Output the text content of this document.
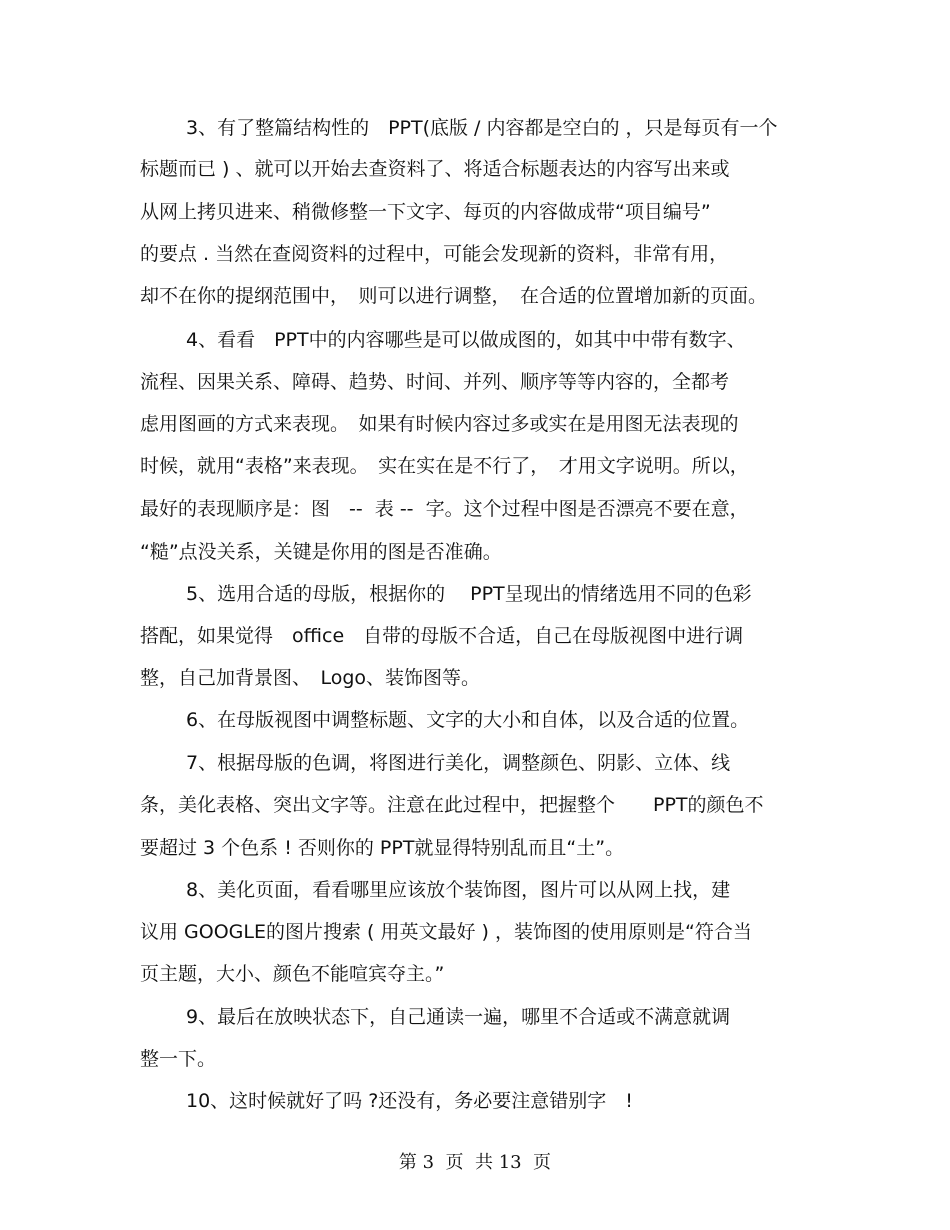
3、有了整篇结构性的　PPT(底版 / 内容都是空白的 ，只是每页有一个
标题而已 ) 、就可以开始去查资料了、将适合标题表达的内容写出来或
从网上拷贝进来、稍微修整一下文字、每页的内容做成带“项目编号”
的要点 . 当然在查阅资料的过程中，可能会发现新的资料，非常有用，
却不在你的提纲范围中，　则可以进行调整，　在合适的位置增加新的页面。
4、看看　PPT中的内容哪些是可以做成图的，如其中中带有数字、
流程、因果关系、障碍、趋势、时间、并列、顺序等等内容的，全都考
虑用图画的方式来表现。　如果有时候内容过多或实在是用图无法表现的
时候，就用“表格”来表现。　实在实在是不行了，　才用文字说明。所以，
最好的表现顺序是：图　--  表 --  字。这个过程中图是否漂亮不要在意，
“糙”点没关系，关键是你用的图是否准确。
5、选用合适的母版，根据你的　 PPT呈现出的情绪选用不同的色彩
搭配，如果觉得　office　自带的母版不合适，自己在母版视图中进行调
整，自己加背景图、　Logo、装饰图等。
6、在母版视图中调整标题、文字的大小和自体，以及合适的位置。
7、根据母版的色调，将图进行美化，调整颜色、阴影、立体、线
条，美化表格、突出文字等。注意在此过程中，把握整个　　PPT的颜色不
要超过 3 个色系 ! 否则你的 PPT就显得特别乱而且“土”。
8、美化页面，看看哪里应该放个装饰图，图片可以从网上找，建
议用 GOOGLE的图片搜索 ( 用英文最好 ) ，装饰图的使用原则是“符合当
页主题，大小、颜色不能喧宾夺主。”
9、最后在放映状态下，自己通读一遍，哪里不合适或不满意就调
整一下。
10、这时候就好了吗 ?还没有，务必要注意错别字　!
第 3  页  共 13  页
